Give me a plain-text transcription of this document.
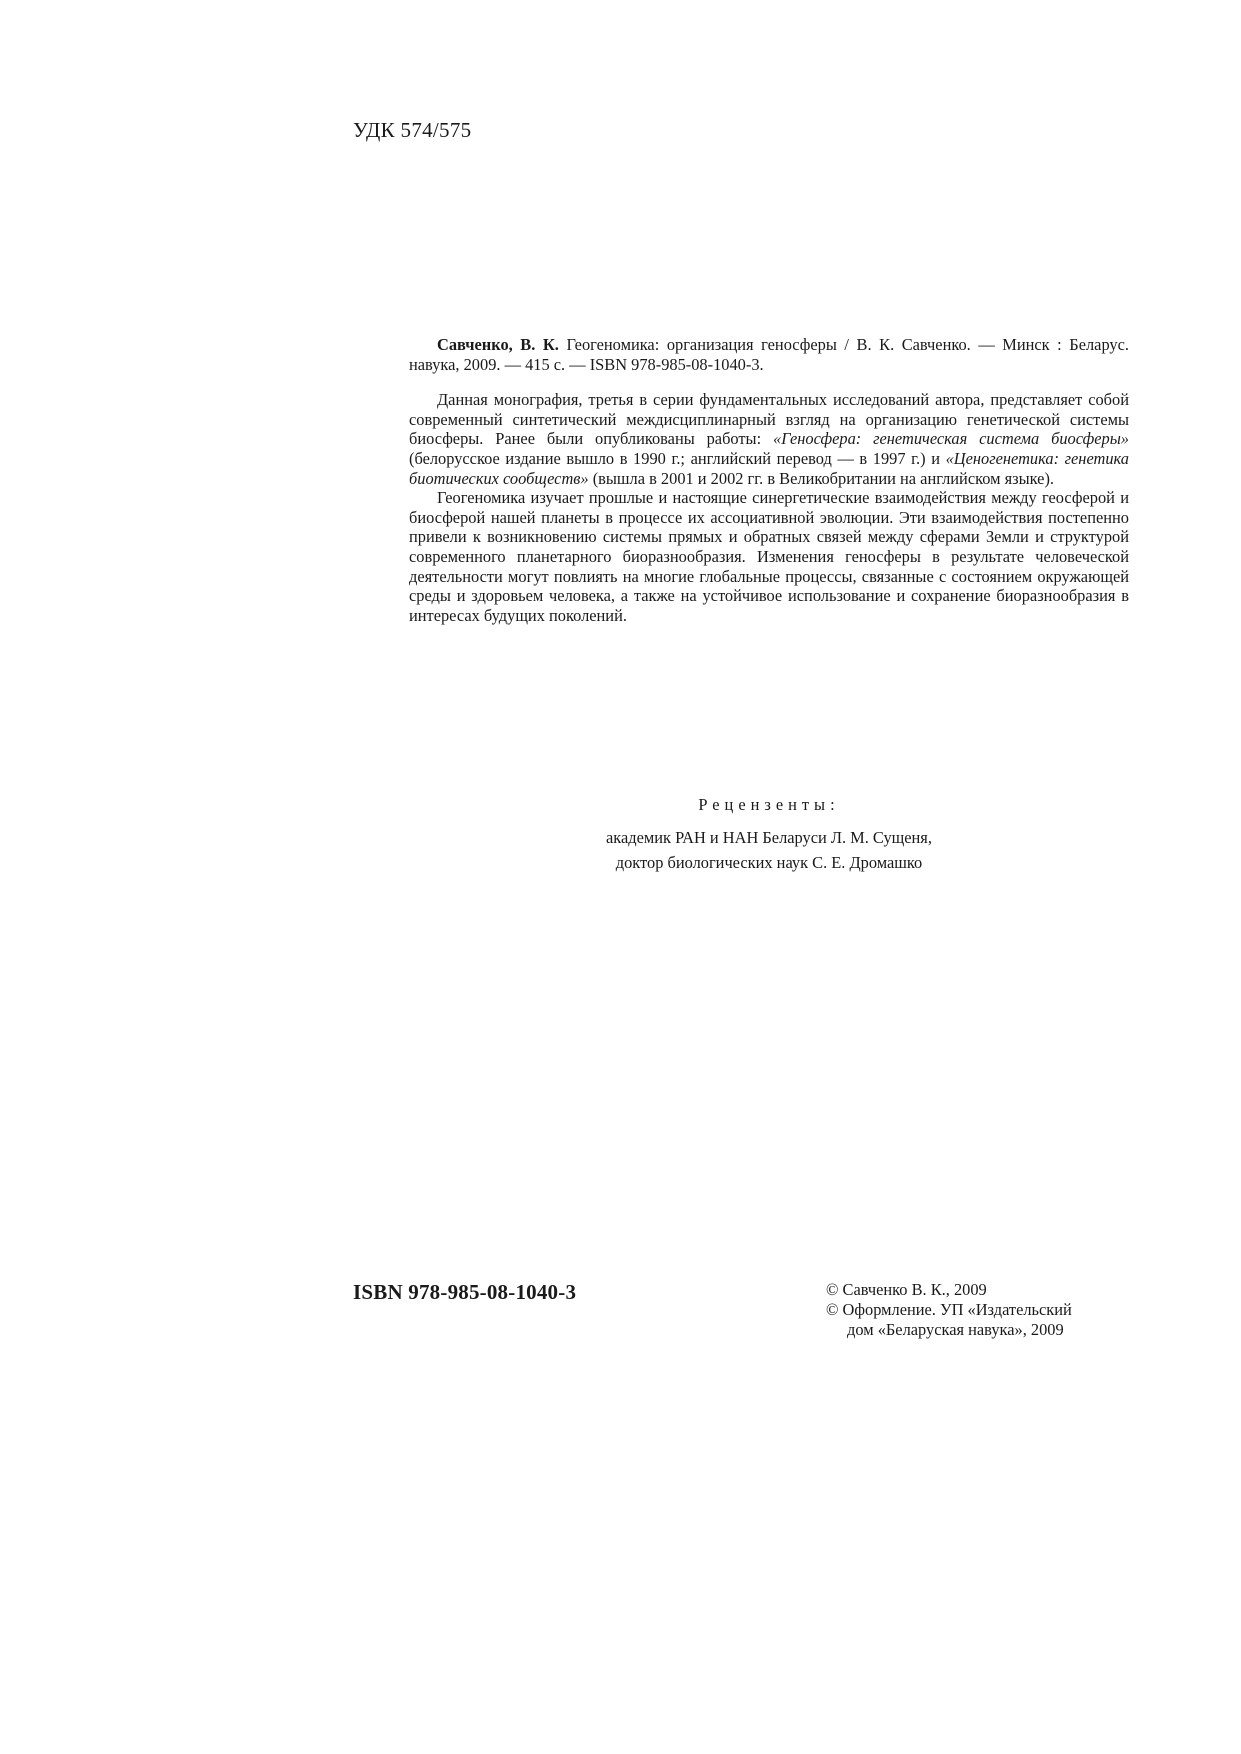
УДК 574/575

Савченко, В. К. Геогеномика: организация геносферы / В. К. Савченко. — Минск : Беларус. навука, 2009. — 415 с. — ISBN 978-985-08-1040-3.

Данная монография, третья в серии фундаментальных исследований автора, представляет собой современный синтетический междисциплинарный взгляд на организацию генетической системы биосферы. Ранее были опубликованы работы: «Геносфера: генетическая система биосферы» (белорусское издание вышло в 1990 г.; английский перевод — в 1997 г.) и «Ценогенетика: генетика биотических сообществ» (вышла в 2001 и 2002 гг. в Великобритании на английском языке).

Геогеномика изучает прошлые и настоящие синергетические взаимодействия между геосферой и биосферой нашей планеты в процессе их ассоциативной эволюции. Эти взаимодействия постепенно привели к возникновению системы прямых и обратных связей между сферами Земли и структурой современного планетарного биоразнообразия. Изменения геносферы в результате человеческой деятельности могут повлиять на многие глобальные процессы, связанные с состоянием окружающей среды и здоровьем человека, а также на устойчивое использование и сохранение биоразнообразия в интересах будущих поколений.

Рецензенты:
академик РАН и НАН Беларуси Л. М. Сущеня,
доктор биологических наук С. Е. Дромашко

ISBN 978-985-08-1040-3	© Савченко В. К., 2009
© Оформление. УП «Издательский
дом «Беларуская навука», 2009
